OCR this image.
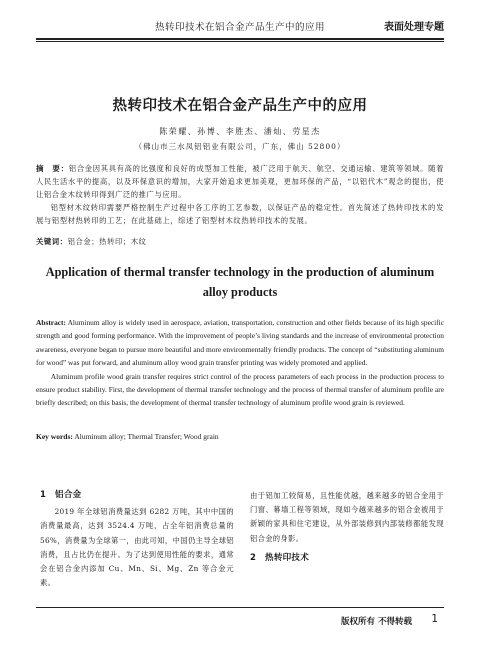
热转印技术在铝合金产品生产中的应用	表面处理专题
热转印技术在铝合金产品生产中的应用
陈荣耀、孙博、李胜杰、潘灿、劳星杰
（佛山市三水凤铝铝业有限公司，广东，佛山 52800）

摘　要：铝合金因其具有高的比强度和良好的成型加工性能，被广泛用于航天、航空、交通运输、建筑等领域。随着人民生活水平的提高，以及环保意识的增加，大家开始追求更加美观，更加环保的产品，“以铝代木”观念的提出，使让铝合金木纹转印得到广泛的推广与应用。

铝型材木纹转印需要严格控制生产过程中各工序的工艺参数，以保证产品的稳定性。首先简述了热转印技术的发展与铝型材热转印的工艺；在此基础上，综述了铝型材木纹热转印技术的发展。

关键词：铝合金；热转印；木纹
Application of thermal transfer technology in the production of aluminum alloy products

Abstract: Aluminum alloy is widely used in aerospace, aviation, transportation, construction and other fields because of its high specific strength and good forming performance. With the improvement of people’s living standards and the increase of environmental protection awareness, everyone began to pursue more beautiful and more environmentally friendly products. The concept of “substituting aluminum for wood” was put forward, and aluminum alloy wood grain transfer printing was widely promoted and applied.

Aluminum profile wood grain transfer requires strict control of the process parameters of each process in the production process to ensure product stability. First, the development of thermal transfer technology and the process of thermal transfer of aluminum profile are briefly described; on this basis, the development of thermal transfer technology of aluminum profile wood grain is reviewed.

Key words: Aluminum alloy; Thermal Transfer; Wood grain
1　铝合金

2019 年全球铝消费量达到 6282 万吨，其中中国的消费量最高，达到 3524.4 万吨，占全年铝消费总量的 56%，消费量为全球第一，由此可知，中国仍主导全球铝消费，且占比仍在提升。为了达到使用性能的要求，通常会在铝合金内添加 Cu、Mn、Si、Mg、Zn 等合金元素。

由于铝加工较简易，且性能优越，越来越多的铝合金用于门窗、幕墙工程等领域，现如今越来越多的铝合金被用于新颖的家具和住宅建设，从外部装修到内部装修都能发现铝合金的身影。

2　热转印技术
版权所有 不得转载 1
